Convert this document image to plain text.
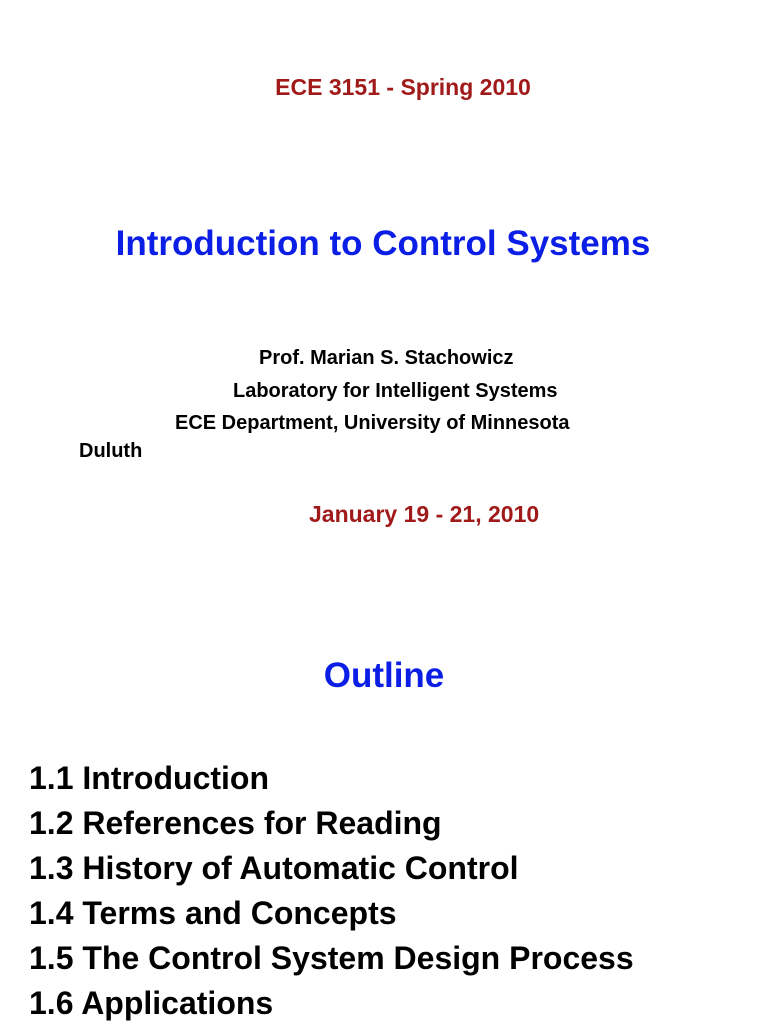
ECE 3151 - Spring 2010
Introduction to Control Systems
Prof. Marian S. Stachowicz
Laboratory for Intelligent Systems
ECE Department, University of Minnesota
Duluth
January 19 - 21, 2010
Outline
1.1 Introduction
1.2 References for Reading
1.3 History of Automatic Control
1.4 Terms and Concepts
1.5 The Control System Design Process
1.6 Applications
